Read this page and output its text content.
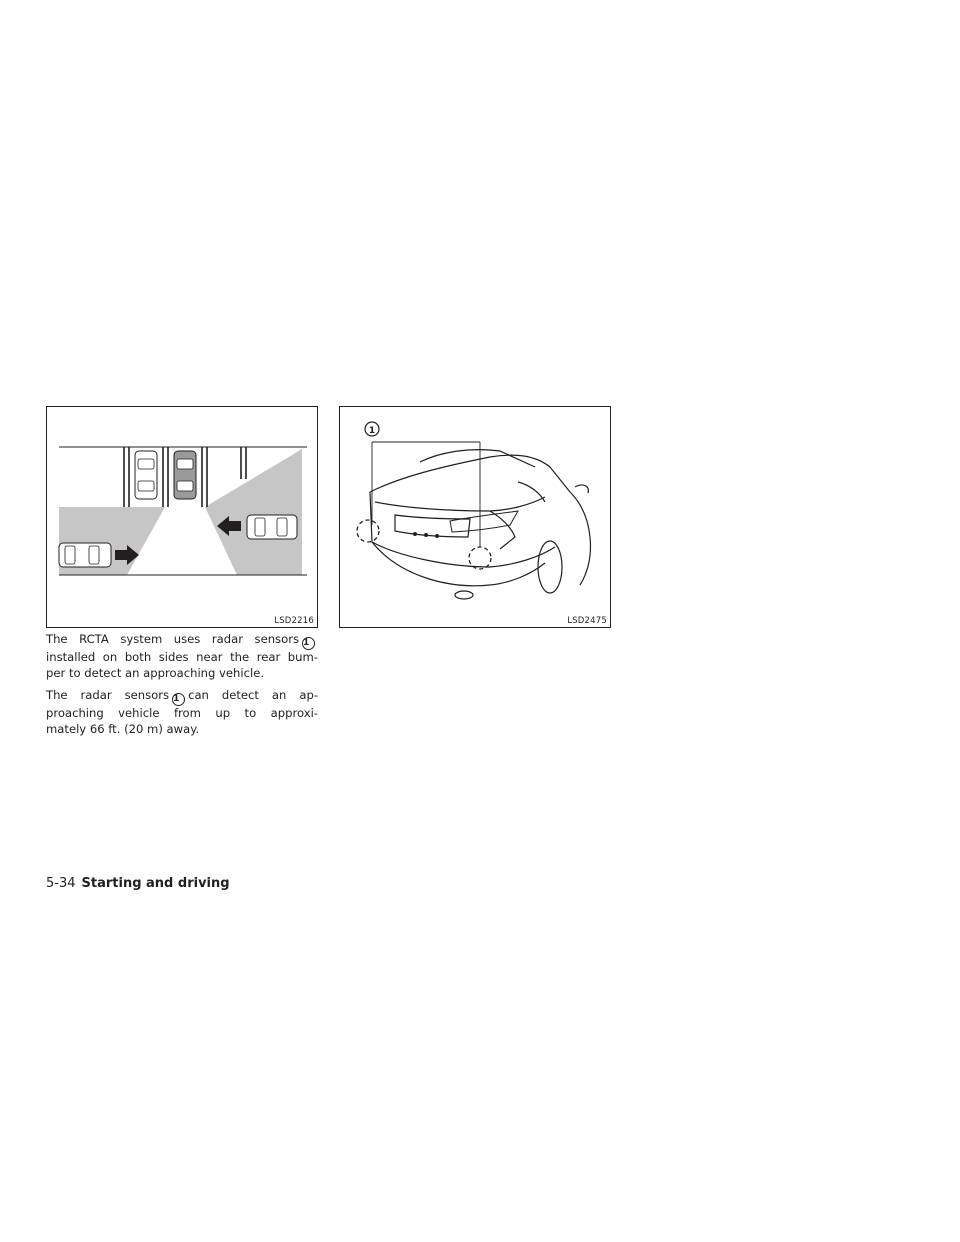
LSD2216
1
LSD2475

The RCTA system uses radar sensors 1
installed on both sides near the rear bum-
per to detect an approaching vehicle.

The radar sensors 1 can detect an ap-
proaching vehicle from up to approxi-
mately 66 ft. (20 m) away.

5-34 Starting and driving
